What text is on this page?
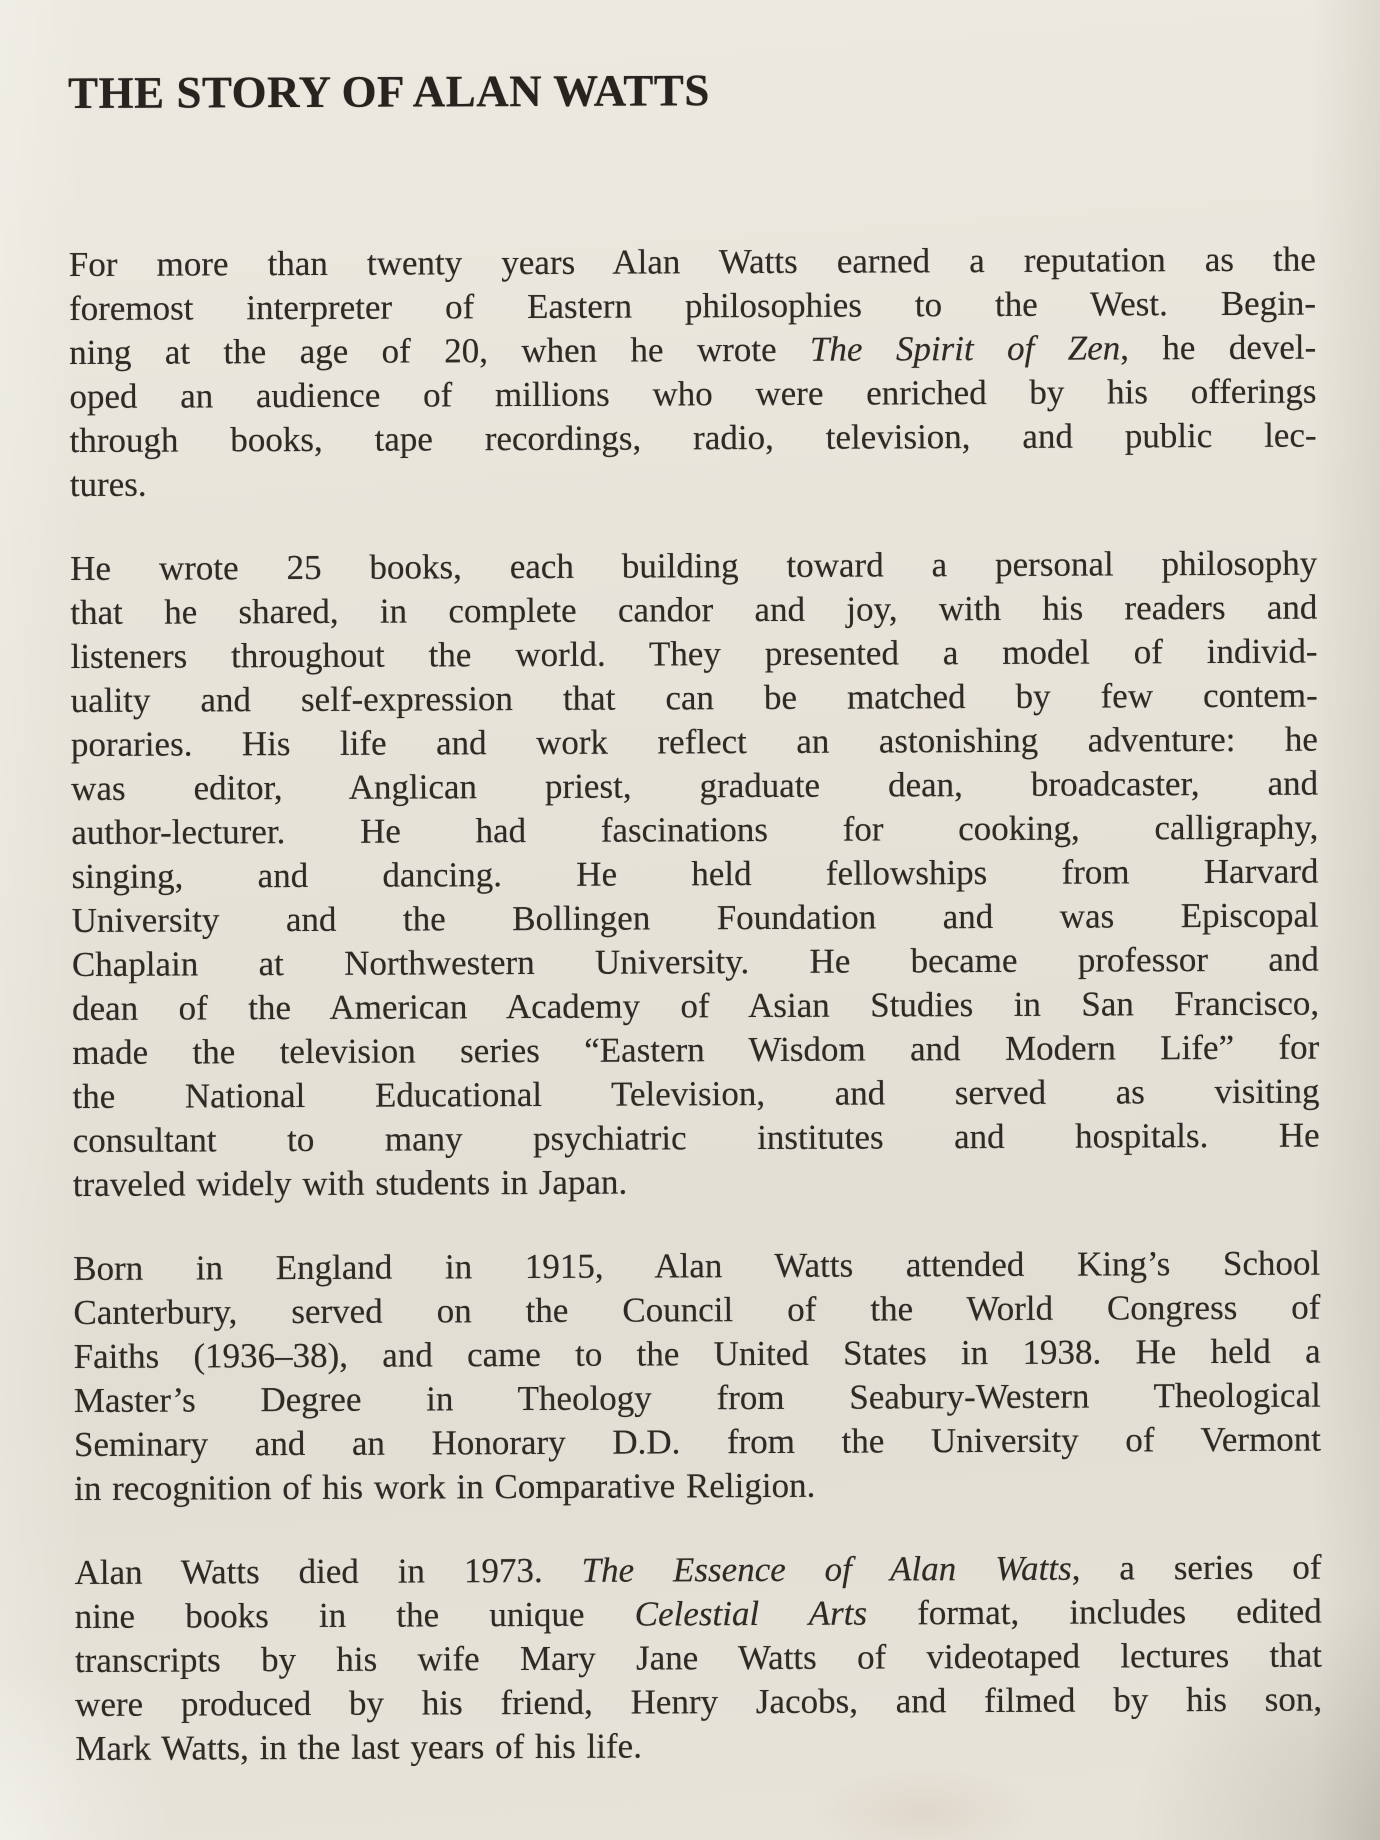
THE STORY OF ALAN WATTS
For more than twenty years Alan Watts earned a reputation as the
foremost interpreter of Eastern philosophies to the West. Begin-
ning at the age of 20, when he wrote The Spirit of Zen, he devel-
oped an audience of millions who were enriched by his offerings
through books, tape recordings, radio, television, and public lec-
tures.
He wrote 25 books, each building toward a personal philosophy
that he shared, in complete candor and joy, with his readers and
listeners throughout the world. They presented a model of individ-
uality and self-expression that can be matched by few contem-
poraries. His life and work reflect an astonishing adventure: he
was editor, Anglican priest, graduate dean, broadcaster, and
author-lecturer. He had fascinations for cooking, calligraphy,
singing, and dancing. He held fellowships from Harvard
University and the Bollingen Foundation and was Episcopal
Chaplain at Northwestern University. He became professor and
dean of the American Academy of Asian Studies in San Francisco,
made the television series “Eastern Wisdom and Modern Life” for
the National Educational Television, and served as visiting
consultant to many psychiatric institutes and hospitals. He
traveled widely with students in Japan.
Born in England in 1915, Alan Watts attended King’s School
Canterbury, served on the Council of the World Congress of
Faiths (1936–38), and came to the United States in 1938. He held a
Master’s Degree in Theology from Seabury-Western Theological
Seminary and an Honorary D.D. from the University of Vermont
in recognition of his work in Comparative Religion.
Alan Watts died in 1973. The Essence of Alan Watts, a series of
nine books in the unique Celestial Arts format, includes edited
transcripts by his wife Mary Jane Watts of videotaped lectures that
were produced by his friend, Henry Jacobs, and filmed by his son,
Mark Watts, in the last years of his life.
